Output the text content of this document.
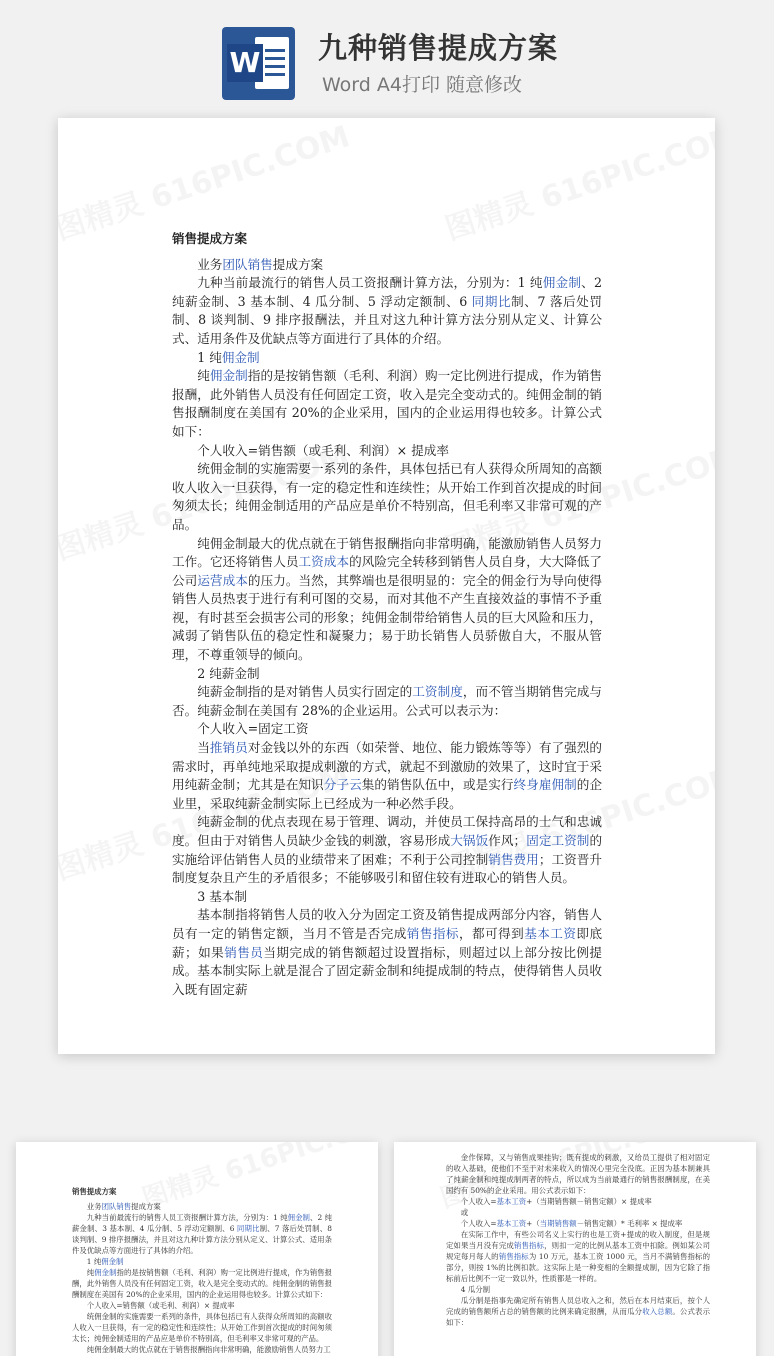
W 九种销售提成方案
Word A4打印 随意修改
销售提成方案

业务团队销售提成方案

九种当前最流行的销售人员工资报酬计算方法，分别为：1 纯佣金制、2 纯薪金制、3 基本制、4 瓜分制、5 浮动定额制、6 同期比制、7 落后处罚制、8 谈判制、9 排序报酬法，并且对这九种计算方法分别从定义、计算公式、适用条件及优缺点等方面进行了具体的介绍。

1 纯佣金制

纯佣金制指的是按销售额（毛利、利润）购一定比例进行提成，作为销售报酬，此外销售人员没有任何固定工资，收入是完全变动式的。纯佣金制的销售报酬制度在美国有 20%的企业采用，国内的企业运用得也较多。计算公式如下：

个人收入=销售额（或毛利、利润）× 提成率

统佣金制的实施需要一系列的条件，具体包括已有人获得众所周知的高额收人收入一旦获得，有一定的稳定性和连续性；从开始工作到首次提成的时间匆须太长；纯佣金制适用的产品应是单价不特别高，但毛利率又非常可观的产品。

纯佣金制最大的优点就在于销售报酬指向非常明确，能激励销售人员努力工作。它还将销售人员工资成本的风险完全转移到销售人员自身，大大降低了公司运营成本的压力。当然，其弊端也是很明显的：完全的佣金行为导向使得销售人员热衷于进行有利可图的交易，而对其他不产生直接效益的事情不予重视，有时甚至会损害公司的形象；纯佣金制带给销售人员的巨大风险和压力，减弱了销售队伍的稳定性和凝聚力；易于助长销售人员骄傲自大，不服从管理，不尊重领导的倾向。

2 纯薪金制

纯薪金制指的是对销售人员实行固定的工资制度，而不管当期销售完成与否。纯薪金制在美国有 28%的企业运用。公式可以表示为：

个人收入=固定工资

当推销员对金钱以外的东西（如荣誉、地位、能力锻炼等等）有了强烈的需求时，再单纯地采取提成刺激的方式，就起不到激励的效果了，这时宜于采用纯薪金制；尤其是在知识分子云集的销售队伍中，或是实行终身雇佣制的企业里，采取纯薪金制实际上已经成为一种必然手段。

纯薪金制的优点表现在易于管理、调动，并使员工保持高昂的士气和忠诚度。但由于对销售人员缺少金钱的刺激，容易形成大锅饭作风；固定工资制的实施给评估销售人员的业绩带来了困难；不利于公司控制销售费用；工资晋升制度复杂且产生的矛盾很多；不能够吸引和留住较有进取心的销售人员。

3 基本制

基本制指将销售人员的收入分为固定工资及销售提成两部分内容，销售人员有一定的销售定额，当月不管是否完成销售指标，都可得到基本工资即底薪；如果销售员当期完成的销售额超过设置指标，则超过以上部分按比例提成。基本制实际上就是混合了固定薪金制和纯提成制的特点，使得销售人员收入既有固定薪

销售提成方案

业务团队销售提成方案

九种当前最流行的销售人员工资报酬计算方法，分别为：1 纯佣金制、2 纯薪金制、3 基本制、4 瓜分制、5 浮动定额制、6 同期比制、7 落后处罚制、8 谈判制、9 排序报酬法，并且对这九种计算方法分别从定义、计算公式、适用条件及优缺点等方面进行了具体的介绍。

1 纯佣金制

纯佣金制指的是按销售额（毛利、利润）购一定比例进行提成，作为销售报酬，此外销售人员没有任何固定工资，收入是完全变动式的。纯佣金制的销售报酬制度在美国有 20%的企业采用，国内的企业运用得也较多。计算公式如下：

个人收入=销售额（或毛利、利润）× 提成率

统佣金制的实施需要一系列的条件，具体包括已有人获得众所周知的高额收人收入一旦获得，有一定的稳定性和连续性；从开始工作到首次提成的时间匆须太长；纯佣金制适用的产品应是单价不特别高，但毛利率又非常可观的产品。

纯佣金制最大的优点就在于销售报酬指向非常明确，能激励销售人员努力工

金作保障，又与销售成果挂钩；既有提成的刺激，又给员工提供了相对固定的收入基础，使他们不至于对未来收入的情况心里完全没底。正因为基本制兼具了纯薪金制和纯提成制两者的特点，所以成为当前最通行的销售报酬制度，在美国约有 50%的企业采用。用公式表示如下：

个人收入=基本工资+（当期销售额－销售定额）× 提成率

或

个人收入=基本工资+（当期销售额－销售定额）* 毛利率 × 提成率

在实际工作中，有些公司名义上实行的也是工资+提成的收入制度，但是规定如果当月没有完成销售指标，则扣一定的比例从基本工资中扣除。例如某公司规定每月每人的销售指标为 10 万元，基本工资 1000 元，当月不满销售指标的部分，则按 1%的比例扣款。这实际上是一种变相的全额提成制，因为它除了指标前后比例不一定一致以外，性质都是一样的。

4 瓜分制

瓜分制是指事先确定所有销售人员总收入之和，然后在本月结束后，按个人完成的销售额所占总的销售额的比例来确定报酬，从而瓜分收入总额。公式表示如下：
